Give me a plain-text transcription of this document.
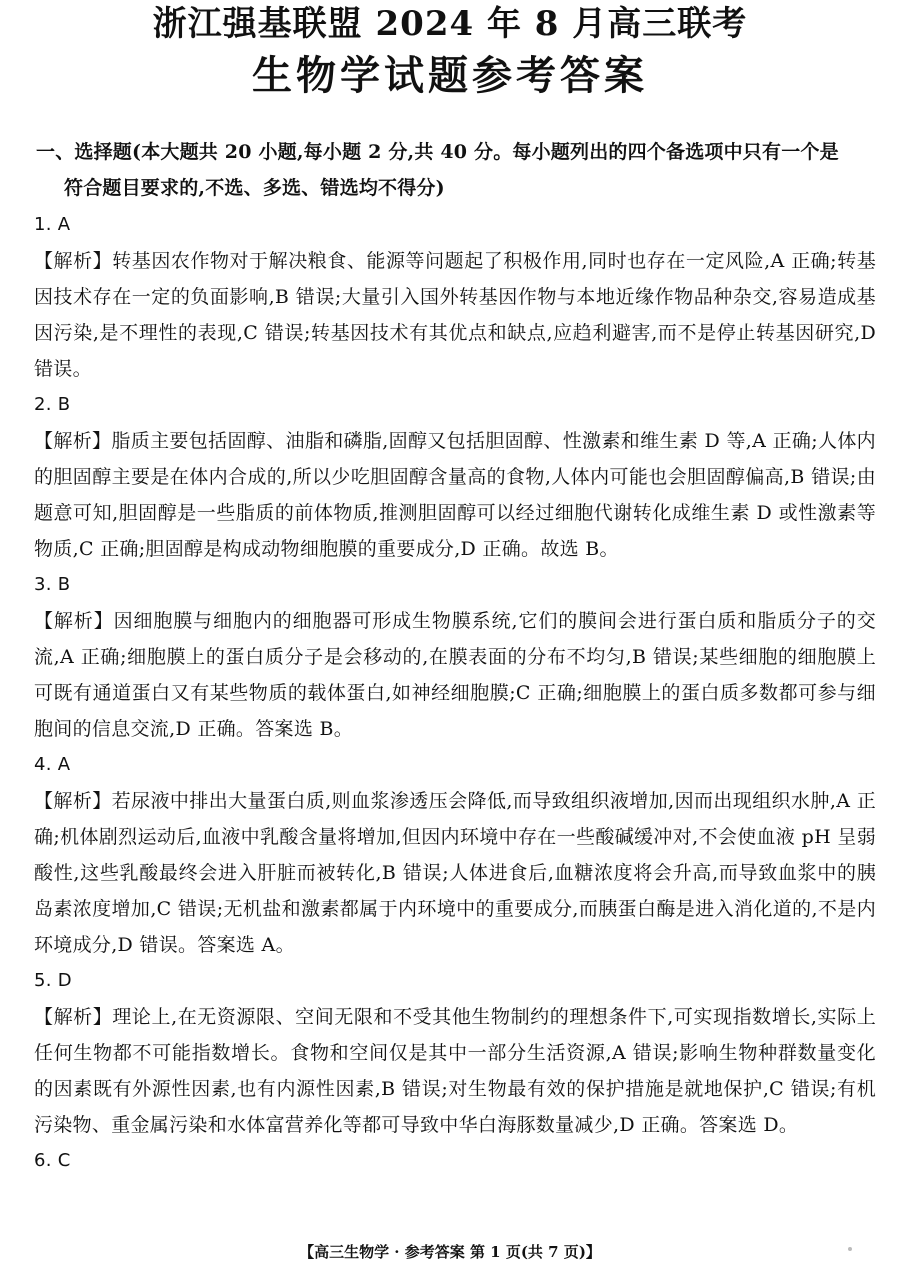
浙江强基联盟 2024 年 8 月高三联考
生物学试题参考答案
一、选择题(本大题共 20 小题,每小题 2 分,共 40 分。每小题列出的四个备选项中只有一个是
符合题目要求的,不选、多选、错选均不得分)
1. A
【解析】转基因农作物对于解决粮食、能源等问题起了积极作用,同时也存在一定风险,A 正确;转基因技术存在一定的负面影响,B 错误;大量引入国外转基因作物与本地近缘作物品种杂交,容易造成基因污染,是不理性的表现,C 错误;转基因技术有其优点和缺点,应趋利避害,而不是停止转基因研究,D 错误。
2. B
【解析】脂质主要包括固醇、油脂和磷脂,固醇又包括胆固醇、性激素和维生素 D 等,A 正确;人体内的胆固醇主要是在体内合成的,所以少吃胆固醇含量高的食物,人体内可能也会胆固醇偏高,B 错误;由题意可知,胆固醇是一些脂质的前体物质,推测胆固醇可以经过细胞代谢转化成维生素 D 或性激素等物质,C 正确;胆固醇是构成动物细胞膜的重要成分,D 正确。故选 B。
3. B
【解析】因细胞膜与细胞内的细胞器可形成生物膜系统,它们的膜间会进行蛋白质和脂质分子的交流,A 正确;细胞膜上的蛋白质分子是会移动的,在膜表面的分布不均匀,B 错误;某些细胞的细胞膜上可既有通道蛋白又有某些物质的载体蛋白,如神经细胞膜;C 正确;细胞膜上的蛋白质多数都可参与细胞间的信息交流,D 正确。答案选 B。
4. A
【解析】若尿液中排出大量蛋白质,则血浆渗透压会降低,而导致组织液增加,因而出现组织水肿,A 正确;机体剧烈运动后,血液中乳酸含量将增加,但因内环境中存在一些酸碱缓冲对,不会使血液 pH 呈弱酸性,这些乳酸最终会进入肝脏而被转化,B 错误;人体进食后,血糖浓度将会升高,而导致血浆中的胰岛素浓度增加,C 错误;无机盐和激素都属于内环境中的重要成分,而胰蛋白酶是进入消化道的,不是内环境成分,D 错误。答案选 A。
5. D
【解析】理论上,在无资源限、空间无限和不受其他生物制约的理想条件下,可实现指数增长,实际上任何生物都不可能指数增长。食物和空间仅是其中一部分生活资源,A 错误;影响生物种群数量变化的因素既有外源性因素,也有内源性因素,B 错误;对生物最有效的保护措施是就地保护,C 错误;有机污染物、重金属污染和水体富营养化等都可导致中华白海豚数量减少,D 正确。答案选 D。
6. C
【高三生物学 · 参考答案 第 1 页(共 7 页)】
